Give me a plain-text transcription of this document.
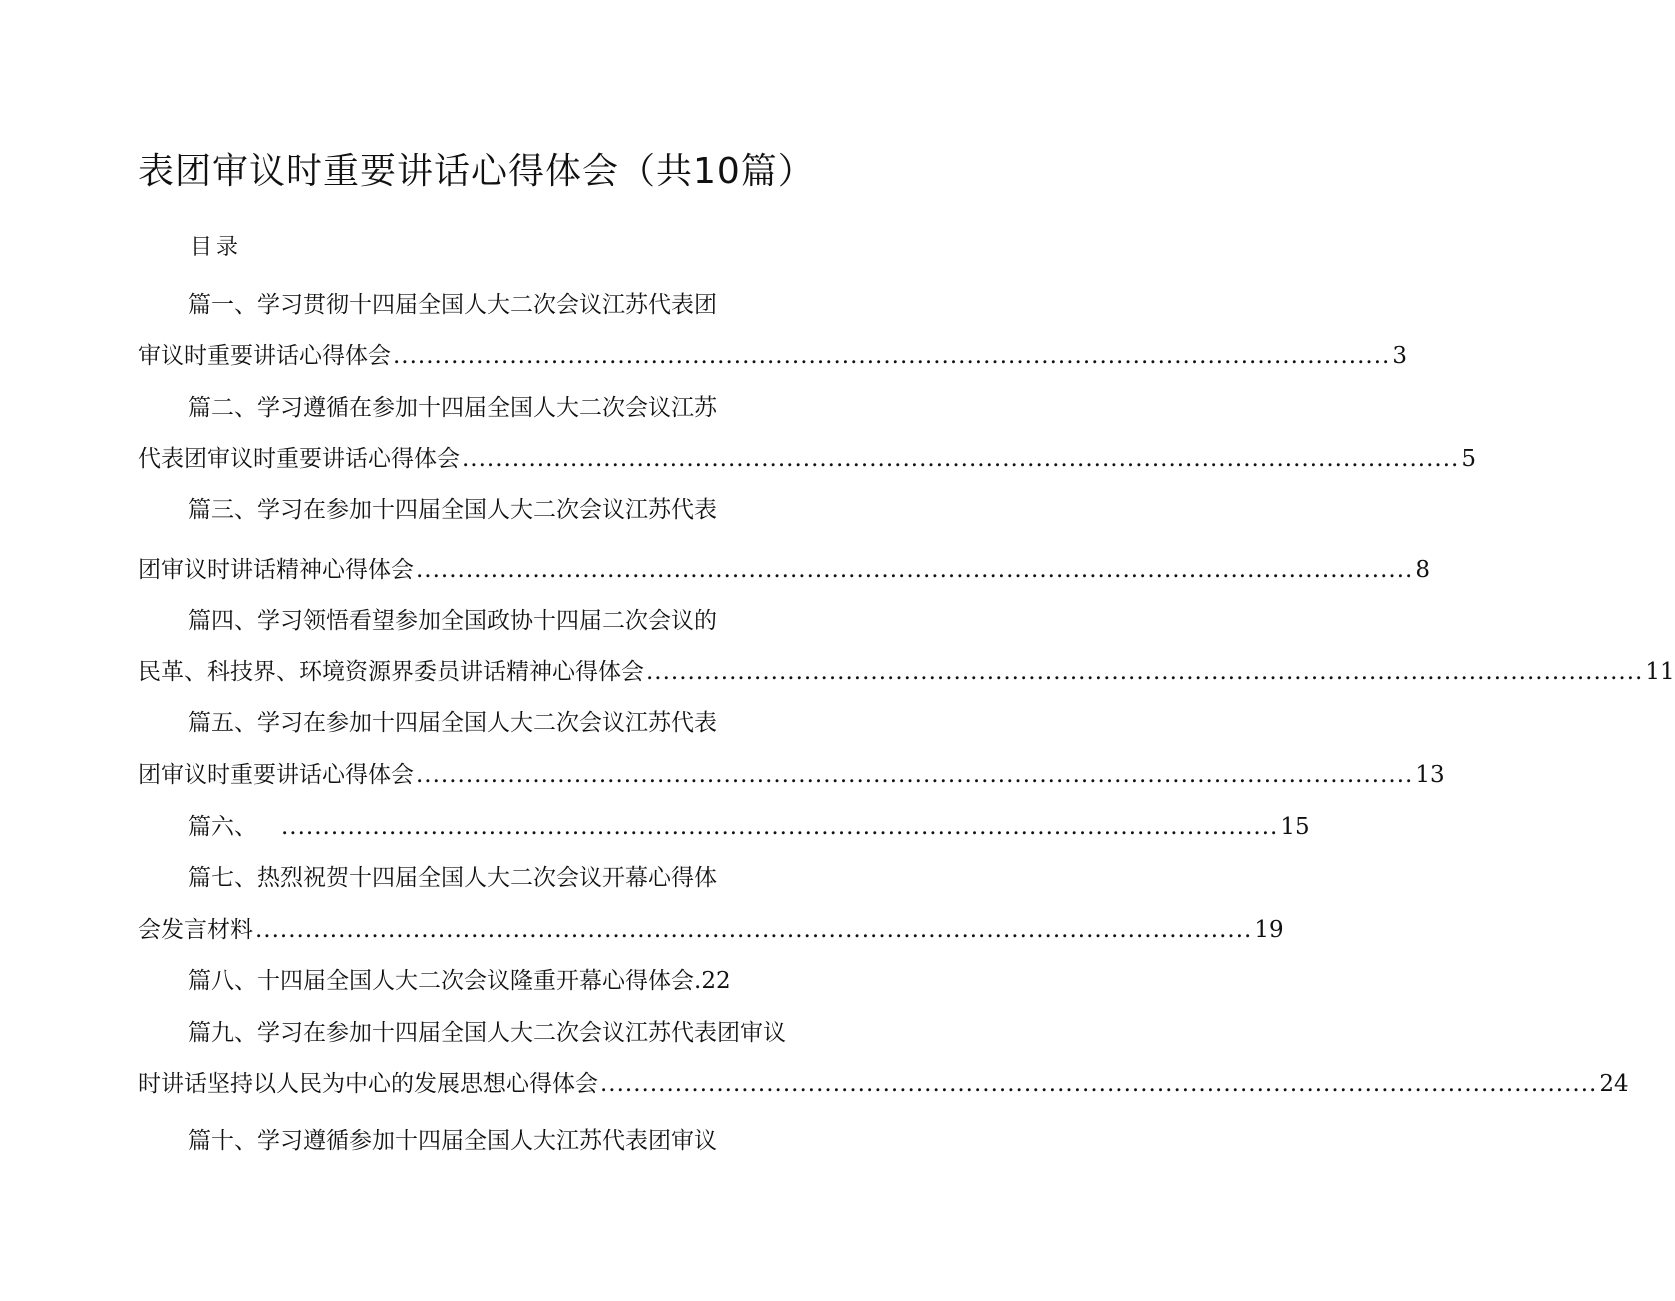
表团审议时重要讲话心得体会（共10篇）
目录
篇一、学习贯彻十四届全国人大二次会议江苏代表团
审议时重要讲话心得体会 ........................................................................................................................ 3
篇二、学习遵循在参加十四届全国人大二次会议江苏
代表团审议时重要讲话心得体会 ........................................................................................................................ 5
篇三、学习在参加十四届全国人大二次会议江苏代表
团审议时讲话精神心得体会 ........................................................................................................................ 8
篇四、学习领悟看望参加全国政协十四届二次会议的
民革、科技界、环境资源界委员讲话精神心得体会 ........................................................................................................................ 11
篇五、学习在参加十四届全国人大二次会议江苏代表
团审议时重要讲话心得体会 ........................................................................................................................ 13
篇六、 ........................................................................................................................ 15
篇七、热烈祝贺十四届全国人大二次会议开幕心得体
会发言材料 ........................................................................................................................ 19
篇八、十四届全国人大二次会议隆重开幕心得体会 . 22
篇九、学习在参加十四届全国人大二次会议江苏代表团审议
时讲话坚持以人民为中心的发展思想心得体会 ........................................................................................................................ 24
篇十、学习遵循参加十四届全国人大江苏代表团审议
